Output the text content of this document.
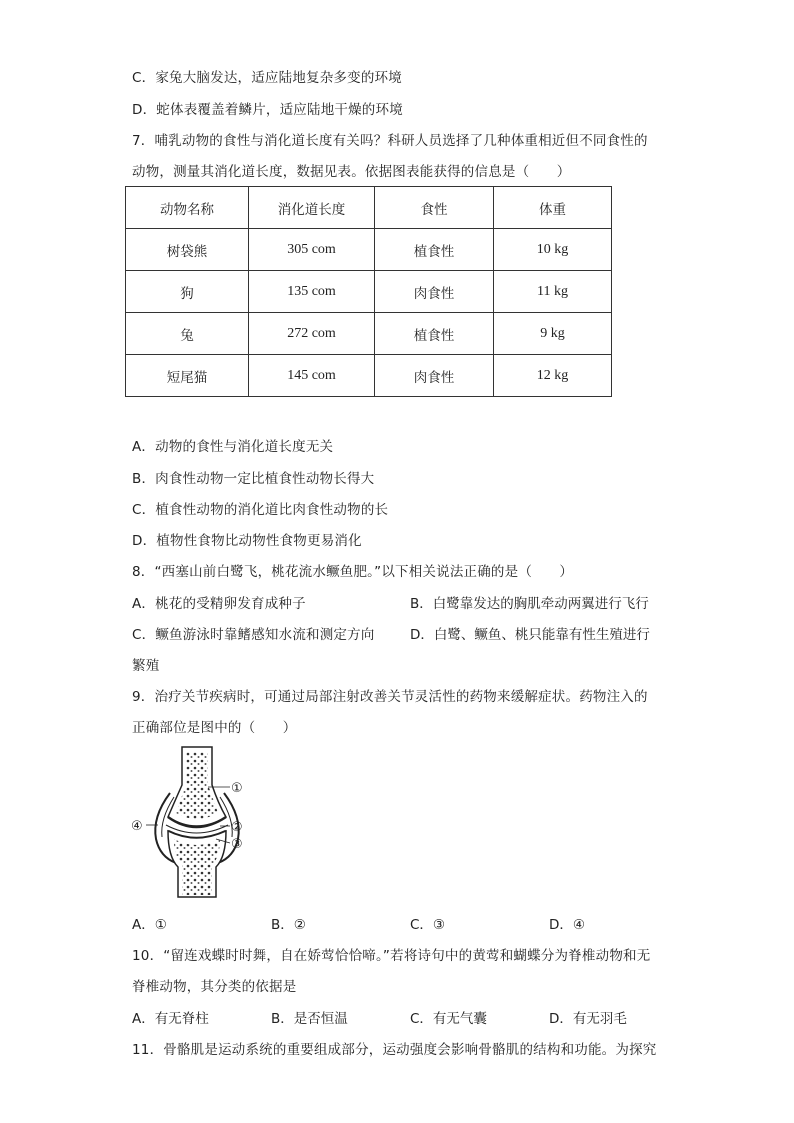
C．家兔大脑发达，适应陆地复杂多变的环境
D．蛇体表覆盖着鳞片，适应陆地干燥的环境
7．哺乳动物的食性与消化道长度有关吗？科研人员选择了几种体重相近但不同食性的
动物，测量其消化道长度，数据见表。依据图表能获得的信息是（　　）
动物名称	消化道长度	食性	体重
树袋熊	305 com	植食性	10 kg
狗	135 com	肉食性	11 kg
兔	272 com	植食性	9 kg
短尾猫	145 com	肉食性	12 kg
A．动物的食性与消化道长度无关
B．肉食性动物一定比植食性动物长得大
C．植食性动物的消化道比肉食性动物的长
D．植物性食物比动物性食物更易消化
8．“西塞山前白鹭飞，桃花流水鳜鱼肥。”以下相关说法正确的是（　　）
A．桃花的受精卵发育成种子	B．白鹭靠发达的胸肌牵动两翼进行飞行
C．鳜鱼游泳时靠鳍感知水流和测定方向	D．白鹭、鳜鱼、桃只能靠有性生殖进行
繁殖
9．治疗关节疾病时，可通过局部注射改善关节灵活性的药物来缓解症状。药物注入的
正确部位是图中的（　　）
①
②
③
④
A．①	B．②	C．③	D．④
10．“留连戏蝶时时舞，自在娇莺恰恰啼。”若将诗句中的黄莺和蝴蝶分为脊椎动物和无
脊椎动物，其分类的依据是
A．有无脊柱	B．是否恒温	C．有无气囊	D．有无羽毛
11．骨骼肌是运动系统的重要组成部分，运动强度会影响骨骼肌的结构和功能。为探究
